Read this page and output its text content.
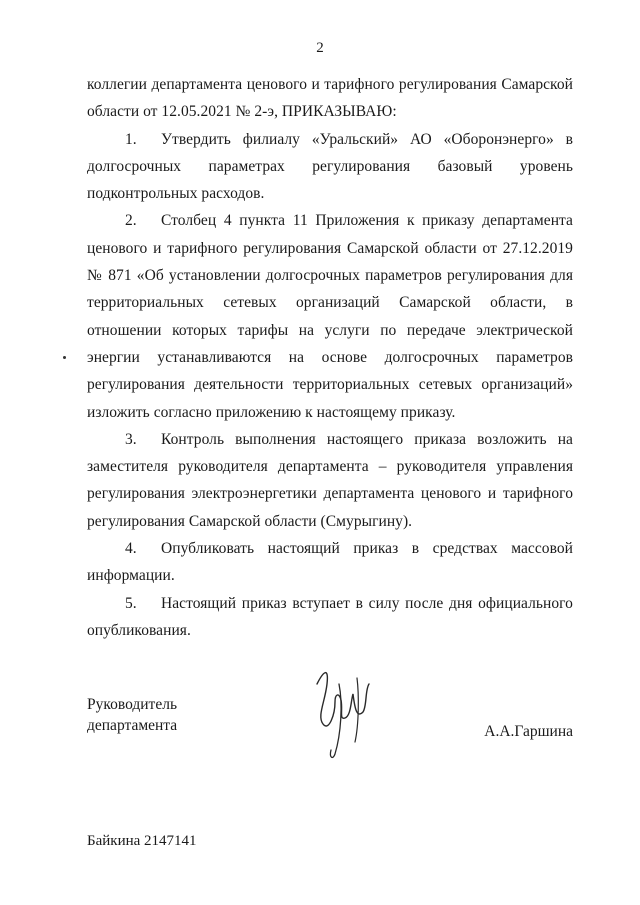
2

коллегии департамента ценового и тарифного регулирования Самарской области от 12.05.2021 № 2-э, ПРИКАЗЫВАЮ:

1. Утвердить филиалу «Уральский» АО «Оборонэнерго» в долгосрочных параметрах регулирования базовый уровень подконтрольных расходов.

2. Столбец 4 пункта 11 Приложения к приказу департамента ценового и тарифного регулирования Самарской области от 27.12.2019 № 871 «Об установлении долгосрочных параметров регулирования для территориальных сетевых организаций Самарской области, в отношении которых тарифы на услуги по передаче электрической энергии устанавливаются на основе долгосрочных параметров регулирования деятельности территориальных сетевых организаций» изложить согласно приложению к настоящему приказу.

3. Контроль выполнения настоящего приказа возложить на заместителя руководителя департамента – руководителя управления регулирования электроэнергетики департамента ценового и тарифного регулирования Самарской области (Смурыгину).

4. Опубликовать настоящий приказ в средствах массовой информации.

5. Настоящий приказ вступает в силу после дня официального опубликования.

Руководитель
департамента	А.А.Гаршина
Байкина 2147141
